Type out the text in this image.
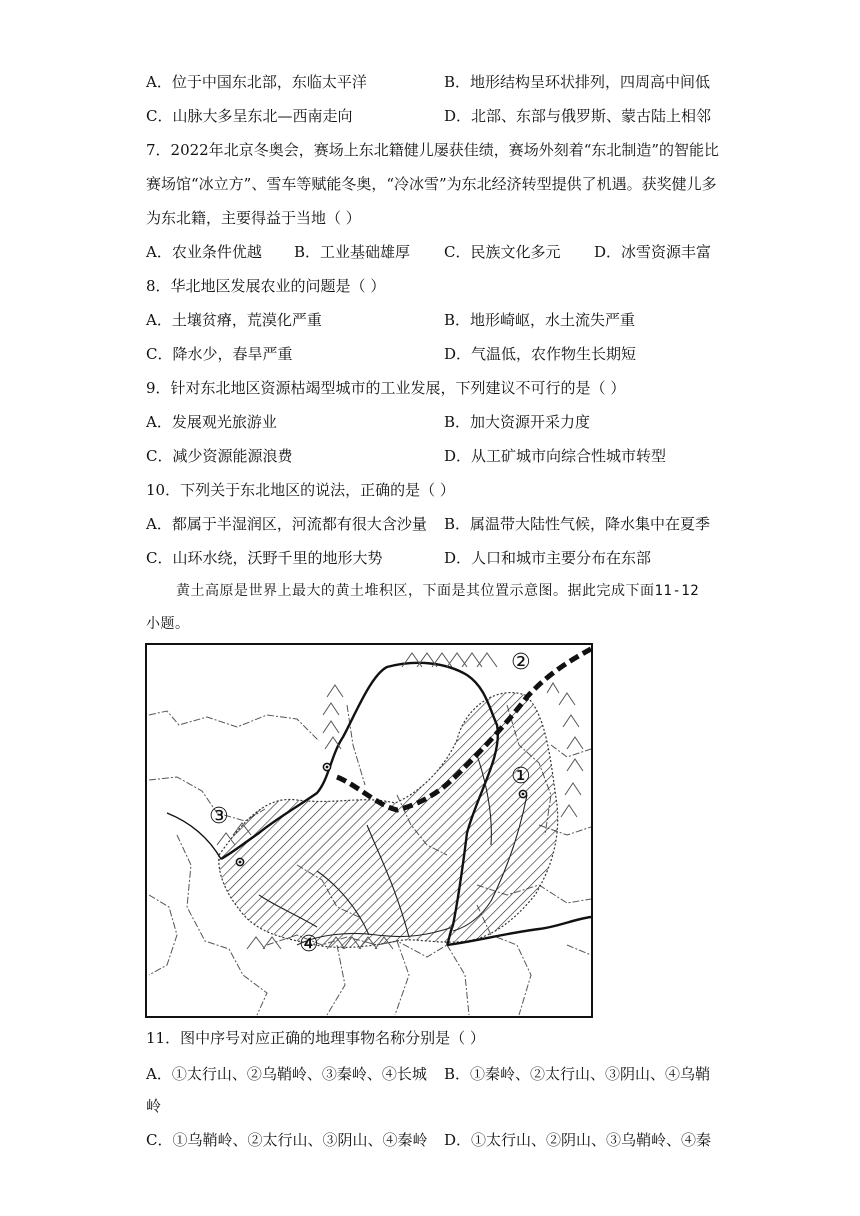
A．位于中国东北部，东临太平洋	B．地形结构呈环状排列，四周高中间低
C．山脉大多呈东北—西南走向	D．北部、东部与俄罗斯、蒙古陆上相邻
7．2022年北京冬奥会，赛场上东北籍健儿屡获佳绩，赛场外刻着“东北制造”的智能比
赛场馆“冰立方”、雪车等赋能冬奥，“冷冰雪”为东北经济转型提供了机遇。获奖健儿多
为东北籍，主要得益于当地（ ）
A．农业条件优越 B．工业基础雄厚 C．民族文化多元 D．冰雪资源丰富
8．华北地区发展农业的问题是（ ）
A．土壤贫瘠，荒漠化严重	B．地形崎岖，水土流失严重
C．降水少，春旱严重	D．气温低，农作物生长期短
9．针对东北地区资源枯竭型城市的工业发展，下列建议不可行的是（ ）
A．发展观光旅游业	B．加大资源开采力度
C．减少资源能源浪费	D．从工矿城市向综合性城市转型
10．下列关于东北地区的说法，正确的是（ ）
A．都属于半湿润区，河流都有很大含沙量 B．属温带大陆性气候，降水集中在夏季
C．山环水绕，沃野千里的地形大势	D．人口和城市主要分布在东部
黄土高原是世界上最大的黄土堆积区，下面是其位置示意图。据此完成下面11-12
小题。
①
②
③
④
11．图中序号对应正确的地理事物名称分别是（ ）
A．①太行山、②乌鞘岭、③秦岭、④长城 B．①秦岭、②太行山、③阴山、④乌鞘
岭
C．①乌鞘岭、②太行山、③阴山、④秦岭 D．①太行山、②阴山、③乌鞘岭、④秦
